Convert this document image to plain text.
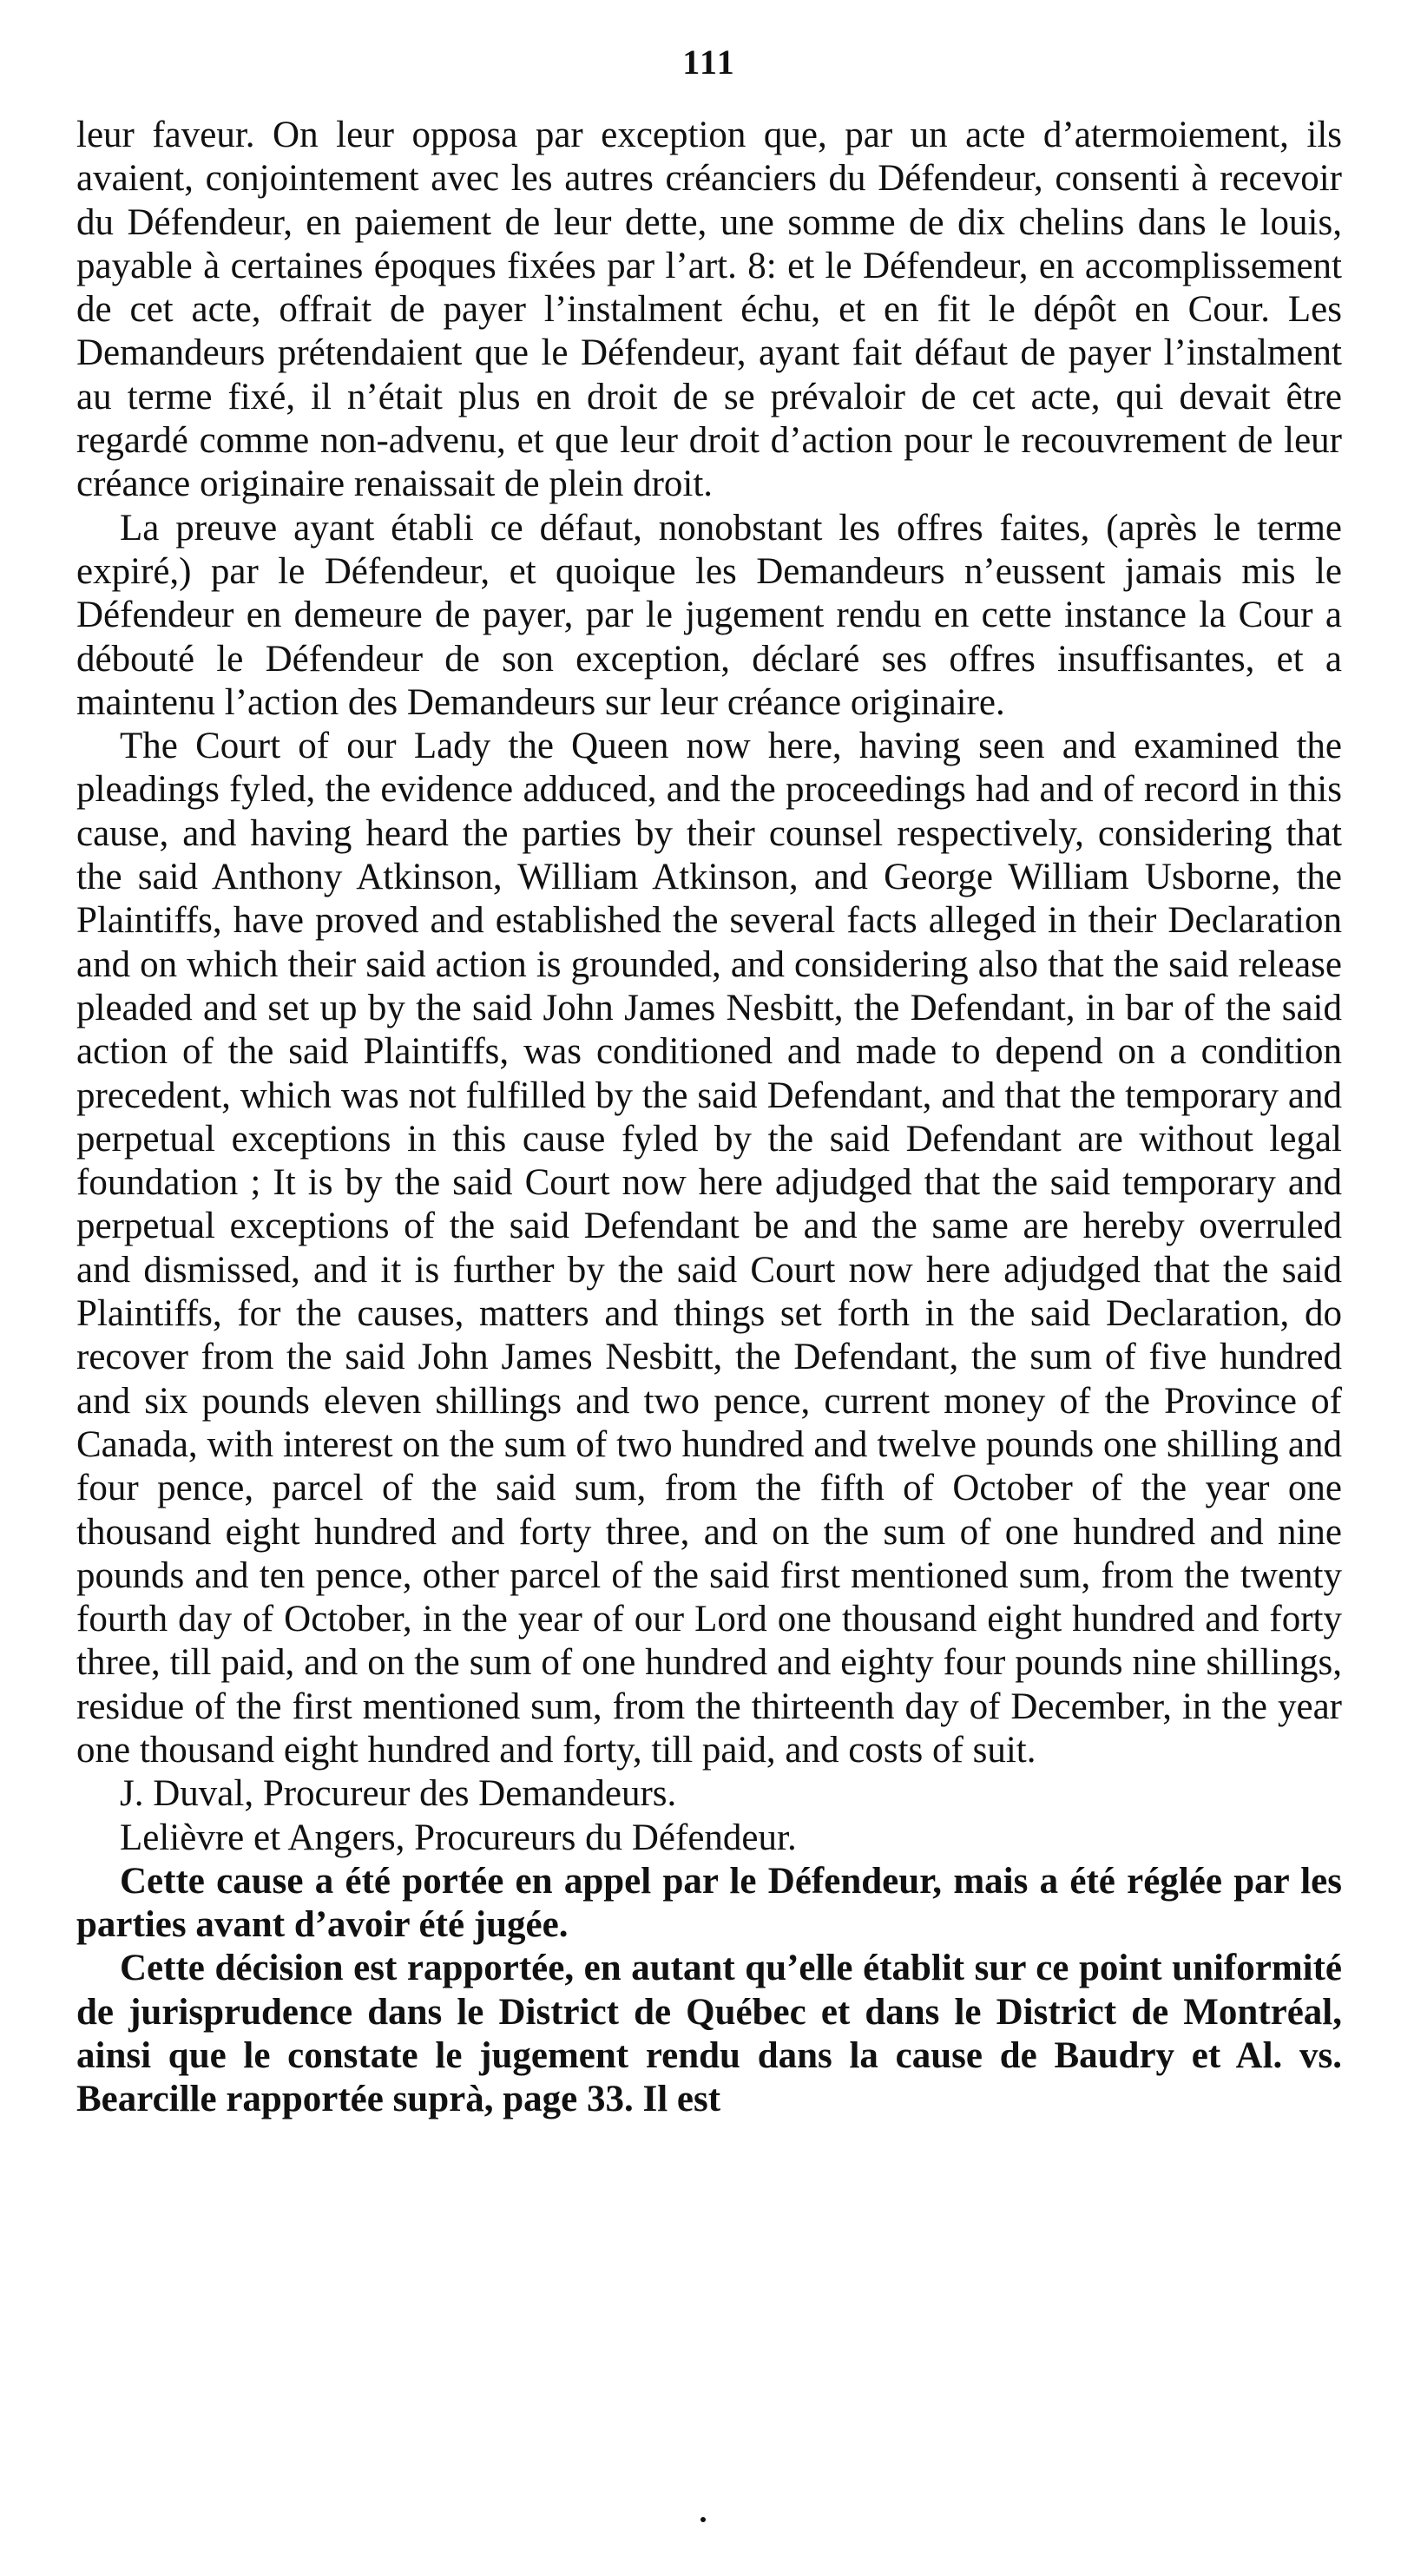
111

leur faveur. On leur opposa par exception que, par un acte d’atermoiement, ils avaient, conjointement avec les autres créanciers du Défendeur, consenti à recevoir du Défendeur, en paiement de leur dette, une somme de dix chelins dans le louis, payable à certaines époques fixées par l’art. 8: et le Défendeur, en accomplissement de cet acte, offrait de payer l’instalment échu, et en fit le dépôt en Cour. Les Demandeurs prétendaient que le Défendeur, ayant fait défaut de payer l’instalment au terme fixé, il n’était plus en droit de se prévaloir de cet acte, qui devait être regardé comme non-advenu, et que leur droit d’action pour le recouvrement de leur créance originaire renaissait de plein droit.

La preuve ayant établi ce défaut, nonobstant les offres faites, (après le terme expiré,) par le Défendeur, et quoique les Demandeurs n’eussent jamais mis le Défendeur en demeure de payer, par le jugement rendu en cette instance la Cour a débouté le Défendeur de son exception, déclaré ses offres insuffisantes, et a maintenu l’action des Demandeurs sur leur créance originaire.

The Court of our Lady the Queen now here, having seen and examined the pleadings fyled, the evidence adduced, and the proceedings had and of record in this cause, and having heard the parties by their counsel respectively, considering that the said Anthony Atkinson, William Atkinson, and George William Usborne, the Plaintiffs, have proved and established the several facts alleged in their Declaration and on which their said action is grounded, and considering also that the said release pleaded and set up by the said John James Nesbitt, the Defendant, in bar of the said action of the said Plaintiffs, was conditioned and made to depend on a condition precedent, which was not fulfilled by the said Defendant, and that the temporary and perpetual exceptions in this cause fyled by the said Defendant are without legal foundation ; It is by the said Court now here adjudged that the said temporary and perpetual exceptions of the said Defendant be and the same are hereby overruled and dismissed, and it is further by the said Court now here adjudged that the said Plaintiffs, for the causes, matters and things set forth in the said Declaration, do recover from the said John James Nesbitt, the Defendant, the sum of five hundred and six pounds eleven shillings and two pence, current money of the Province of Canada, with interest on the sum of two hundred and twelve pounds one shilling and four pence, parcel of the said sum, from the fifth of October of the year one thousand eight hundred and forty three, and on the sum of one hundred and nine pounds and ten pence, other parcel of the said first mentioned sum, from the twenty fourth day of October, in the year of our Lord one thousand eight hundred and forty three, till paid, and on the sum of one hundred and eighty four pounds nine shillings, residue of the first mentioned sum, from the thirteenth day of December, in the year one thousand eight hundred and forty, till paid, and costs of suit.

J. Duval, Procureur des Demandeurs.

Lelièvre et Angers, Procureurs du Défendeur.

Cette cause a été portée en appel par le Défendeur, mais a été réglée par les parties avant d’avoir été jugée.

Cette décision est rapportée, en autant qu’elle établit sur ce point uniformité de jurisprudence dans le District de Québec et dans le District de Montréal, ainsi que le constate le jugement rendu dans la cause de Baudry et Al. vs. Bearcille rapportée suprà, page 33. Il est
